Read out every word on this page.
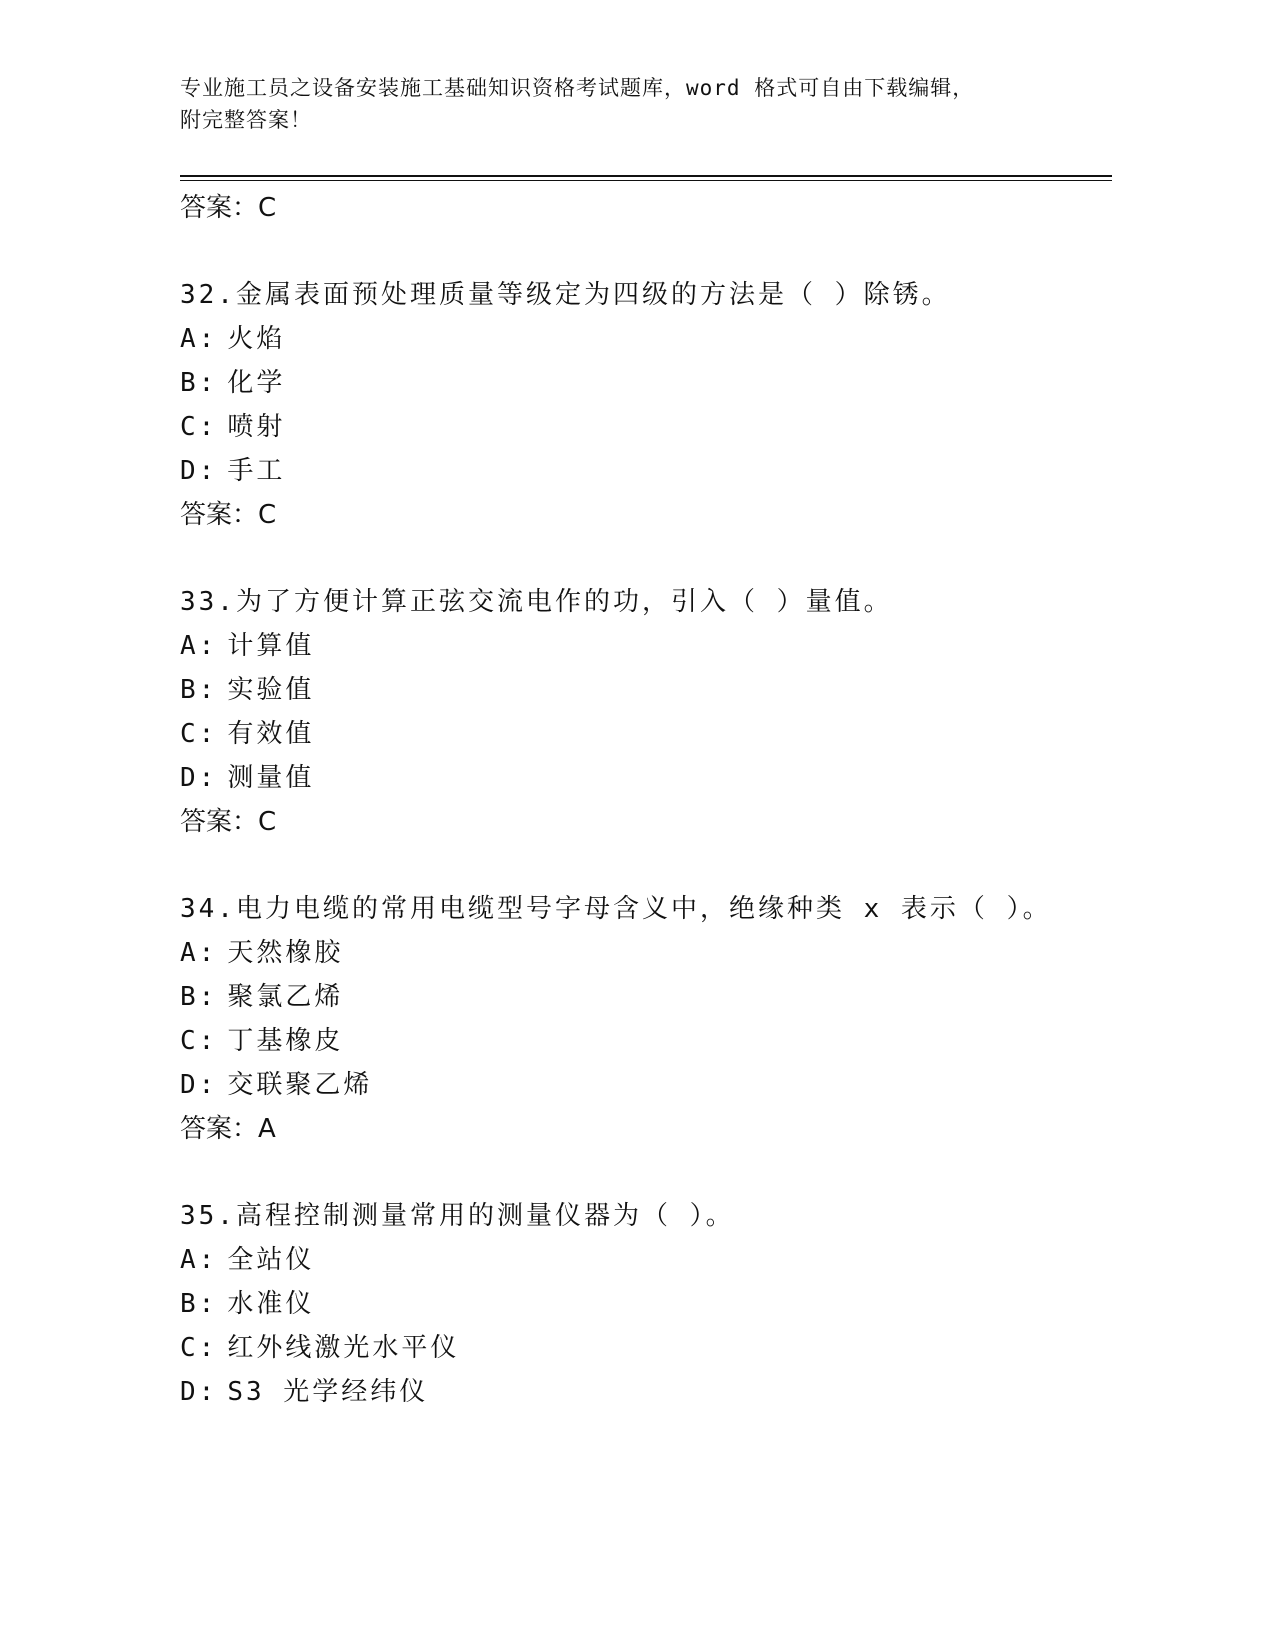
专业施工员之设备安装施工基础知识资格考试题库，word 格式可自由下载编辑，
附完整答案！
答案：C
32.金属表面预处理质量等级定为四级的方法是（ ）除锈。
A: 火焰
B: 化学
C: 喷射
D: 手工
答案：C
33.为了方便计算正弦交流电作的功，引入（ ）量值。
A: 计算值
B: 实验值
C: 有效值
D: 测量值
答案：C
34.电力电缆的常用电缆型号字母含义中，绝缘种类 x 表示（ ）。
A: 天然橡胶
B: 聚氯乙烯
C: 丁基橡皮
D: 交联聚乙烯
答案：A
35.高程控制测量常用的测量仪器为（ ）。
A: 全站仪
B: 水准仪
C: 红外线激光水平仪
D: S3 光学经纬仪
